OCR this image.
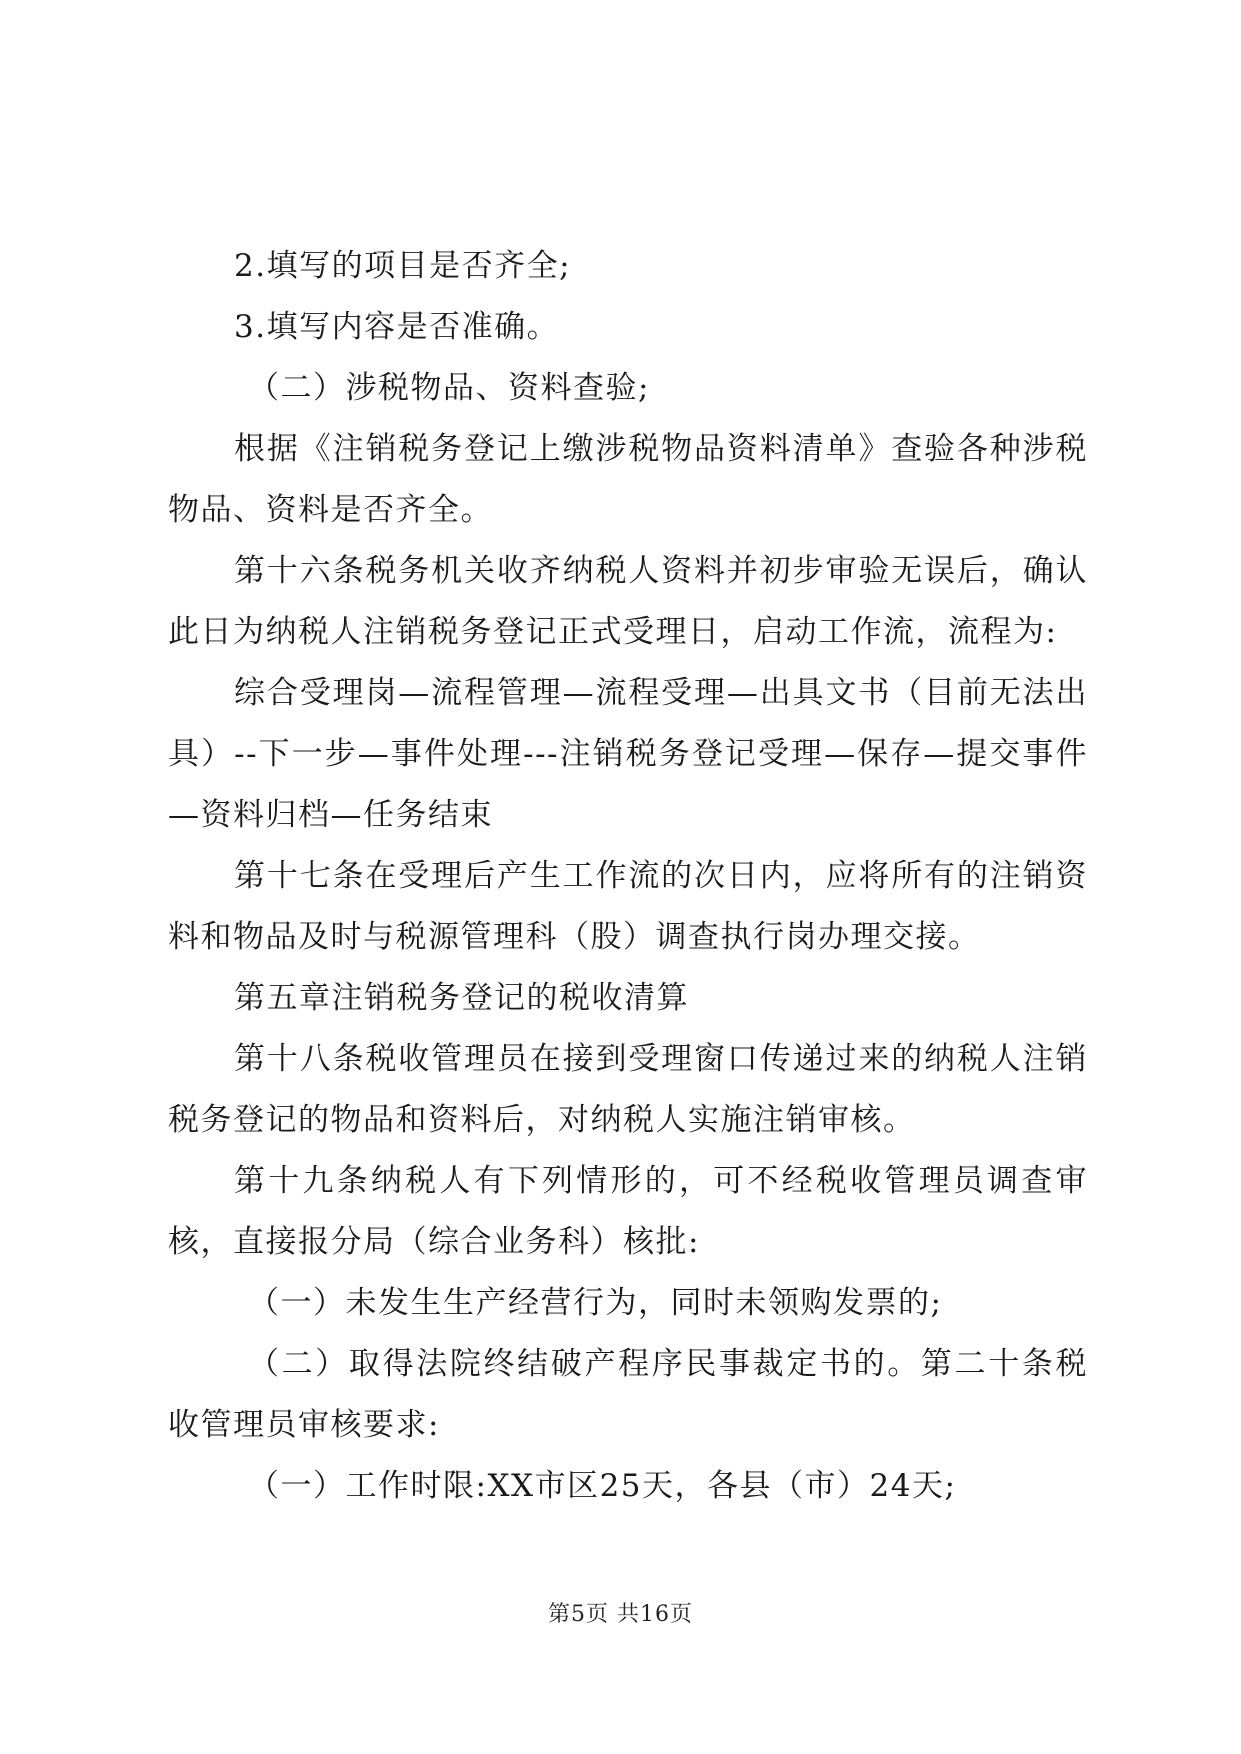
2.填写的项目是否齐全;

3.填写内容是否准确。

（二）涉税物品、资料查验;

根据《注销税务登记上缴涉税物品资料清单》查验各种涉税物品、资料是否齐全。

第十六条税务机关收齐纳税人资料并初步审验无误后，确认此日为纳税人注销税务登记正式受理日，启动工作流，流程为:

综合受理岗—流程管理—流程受理—出具文书（目前无法出具）--下一步—事件处理---注销税务登记受理—保存—提交事件—资料归档—任务结束

第十七条在受理后产生工作流的次日内，应将所有的注销资料和物品及时与税源管理科（股）调查执行岗办理交接。

第五章注销税务登记的税收清算

第十八条税收管理员在接到受理窗口传递过来的纳税人注销税务登记的物品和资料后，对纳税人实施注销审核。

第十九条纳税人有下列情形的，可不经税收管理员调查审核，直接报分局（综合业务科）核批:

（一）未发生生产经营行为，同时未领购发票的;

（二）取得法院终结破产程序民事裁定书的。第二十条税收管理员审核要求:

（一）工作时限:XX市区25天，各县（市）24天;

第5页 共16页
